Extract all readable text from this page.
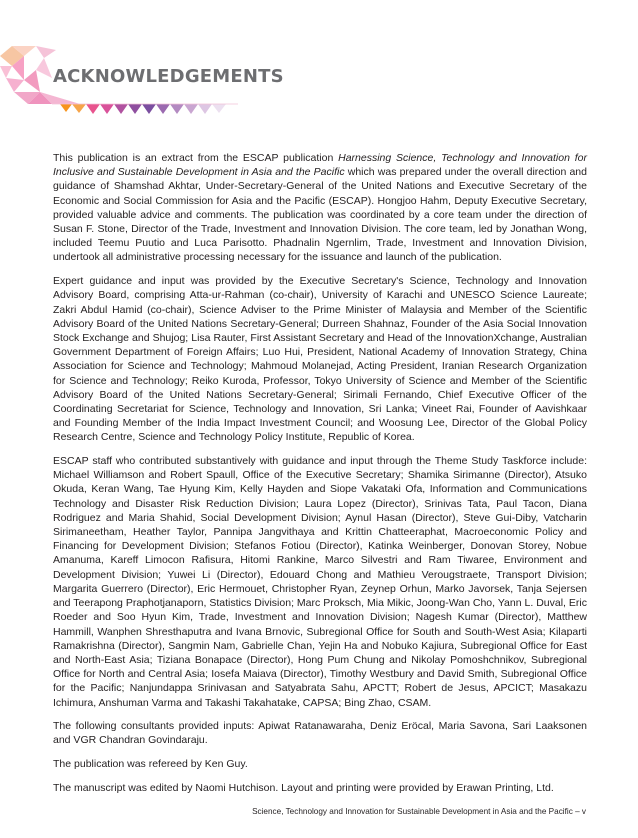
ACKNOWLEDGEMENTS

This publication is an extract from the ESCAP publication Harnessing Science, Technology and Innovation for Inclusive and Sustainable Development in Asia and the Pacific which was prepared under the overall direction and guidance of Shamshad Akhtar, Under-Secretary-General of the United Nations and Executive Secretary of the Economic and Social Commission for Asia and the Pacific (ESCAP). Hongjoo Hahm, Deputy Executive Secretary, provided valuable advice and comments. The publication was coordinated by a core team under the direction of Susan F. Stone, Director of the Trade, Investment and Innovation Division. The core team, led by Jonathan Wong, included Teemu Puutio and Luca Parisotto. Phadnalin Ngernlim, Trade, Investment and Innovation Division, undertook all administrative processing necessary for the issuance and launch of the publication.

Expert guidance and input was provided by the Executive Secretary's Science, Technology and Innovation Advisory Board, comprising Atta-ur-Rahman (co-chair), University of Karachi and UNESCO Science Laureate; Zakri Abdul Hamid (co-chair), Science Adviser to the Prime Minister of Malaysia and Member of the Scientific Advisory Board of the United Nations Secretary-General; Durreen Shahnaz, Founder of the Asia Social Innovation Stock Exchange and Shujog; Lisa Rauter, First Assistant Secretary and Head of the InnovationXchange, Australian Government Department of Foreign Affairs; Luo Hui, President, National Academy of Innovation Strategy, China Association for Science and Technology; Mahmoud Molanejad, Acting President, Iranian Research Organization for Science and Technology; Reiko Kuroda, Professor, Tokyo University of Science and Member of the Scientific Advisory Board of the United Nations Secretary-General; Sirimali Fernando, Chief Executive Officer of the Coordinating Secretariat for Science, Technology and Innovation, Sri Lanka; Vineet Rai, Founder of Aavishkaar and Founding Member of the India Impact Investment Council; and Woosung Lee, Director of the Global Policy Research Centre, Science and Technology Policy Institute, Republic of Korea.

ESCAP staff who contributed substantively with guidance and input through the Theme Study Taskforce include: Michael Williamson and Robert Spaull, Office of the Executive Secretary; Shamika Sirimanne (Director), Atsuko Okuda, Keran Wang, Tae Hyung Kim, Kelly Hayden and Siope Vakataki Ofa, Information and Communications Technology and Disaster Risk Reduction Division; Laura Lopez (Director), Srinivas Tata, Paul Tacon, Diana Rodriguez and Maria Shahid, Social Development Division; Aynul Hasan (Director), Steve Gui-Diby, Vatcharin Sirimaneetham, Heather Taylor, Pannipa Jangvithaya and Krittin Chatteeraphat, Macroeconomic Policy and Financing for Development Division; Stefanos Fotiou (Director), Katinka Weinberger, Donovan Storey, Nobue Amanuma, Kareff Limocon Rafisura, Hitomi Rankine, Marco Silvestri and Ram Tiwaree, Environment and Development Division; Yuwei Li (Director), Edouard Chong and Mathieu Verougstraete, Transport Division; Margarita Guerrero (Director), Eric Hermouet, Christopher Ryan, Zeynep Orhun, Marko Javorsek, Tanja Sejersen and Teerapong Praphotjanaporn, Statistics Division; Marc Proksch, Mia Mikic, Joong-Wan Cho, Yann L. Duval, Eric Roeder and Soo Hyun Kim, Trade, Investment and Innovation Division; Nagesh Kumar (Director), Matthew Hammill, Wanphen Shresthaputra and Ivana Brnovic, Subregional Office for South and South-West Asia; Kilaparti Ramakrishna (Director), Sangmin Nam, Gabrielle Chan, Yejin Ha and Nobuko Kajiura, Subregional Office for East and North-East Asia; Tiziana Bonapace (Director), Hong Pum Chung and Nikolay Pomoshchnikov, Subregional Office for North and Central Asia; Iosefa Maiava (Director), Timothy Westbury and David Smith, Subregional Office for the Pacific; Nanjundappa Srinivasan and Satyabrata Sahu, APCTT; Robert de Jesus, APCICT; Masakazu Ichimura, Anshuman Varma and Takashi Takahatake, CAPSA; Bing Zhao, CSAM.

The following consultants provided inputs: Apiwat Ratanawaraha, Deniz Eröcal, Maria Savona, Sari Laaksonen and VGR Chandran Govindaraju.

The publication was refereed by Ken Guy.

The manuscript was edited by Naomi Hutchison. Layout and printing were provided by Erawan Printing, Ltd.

Science, Technology and Innovation for Sustainable Development in Asia and the Pacific – v
